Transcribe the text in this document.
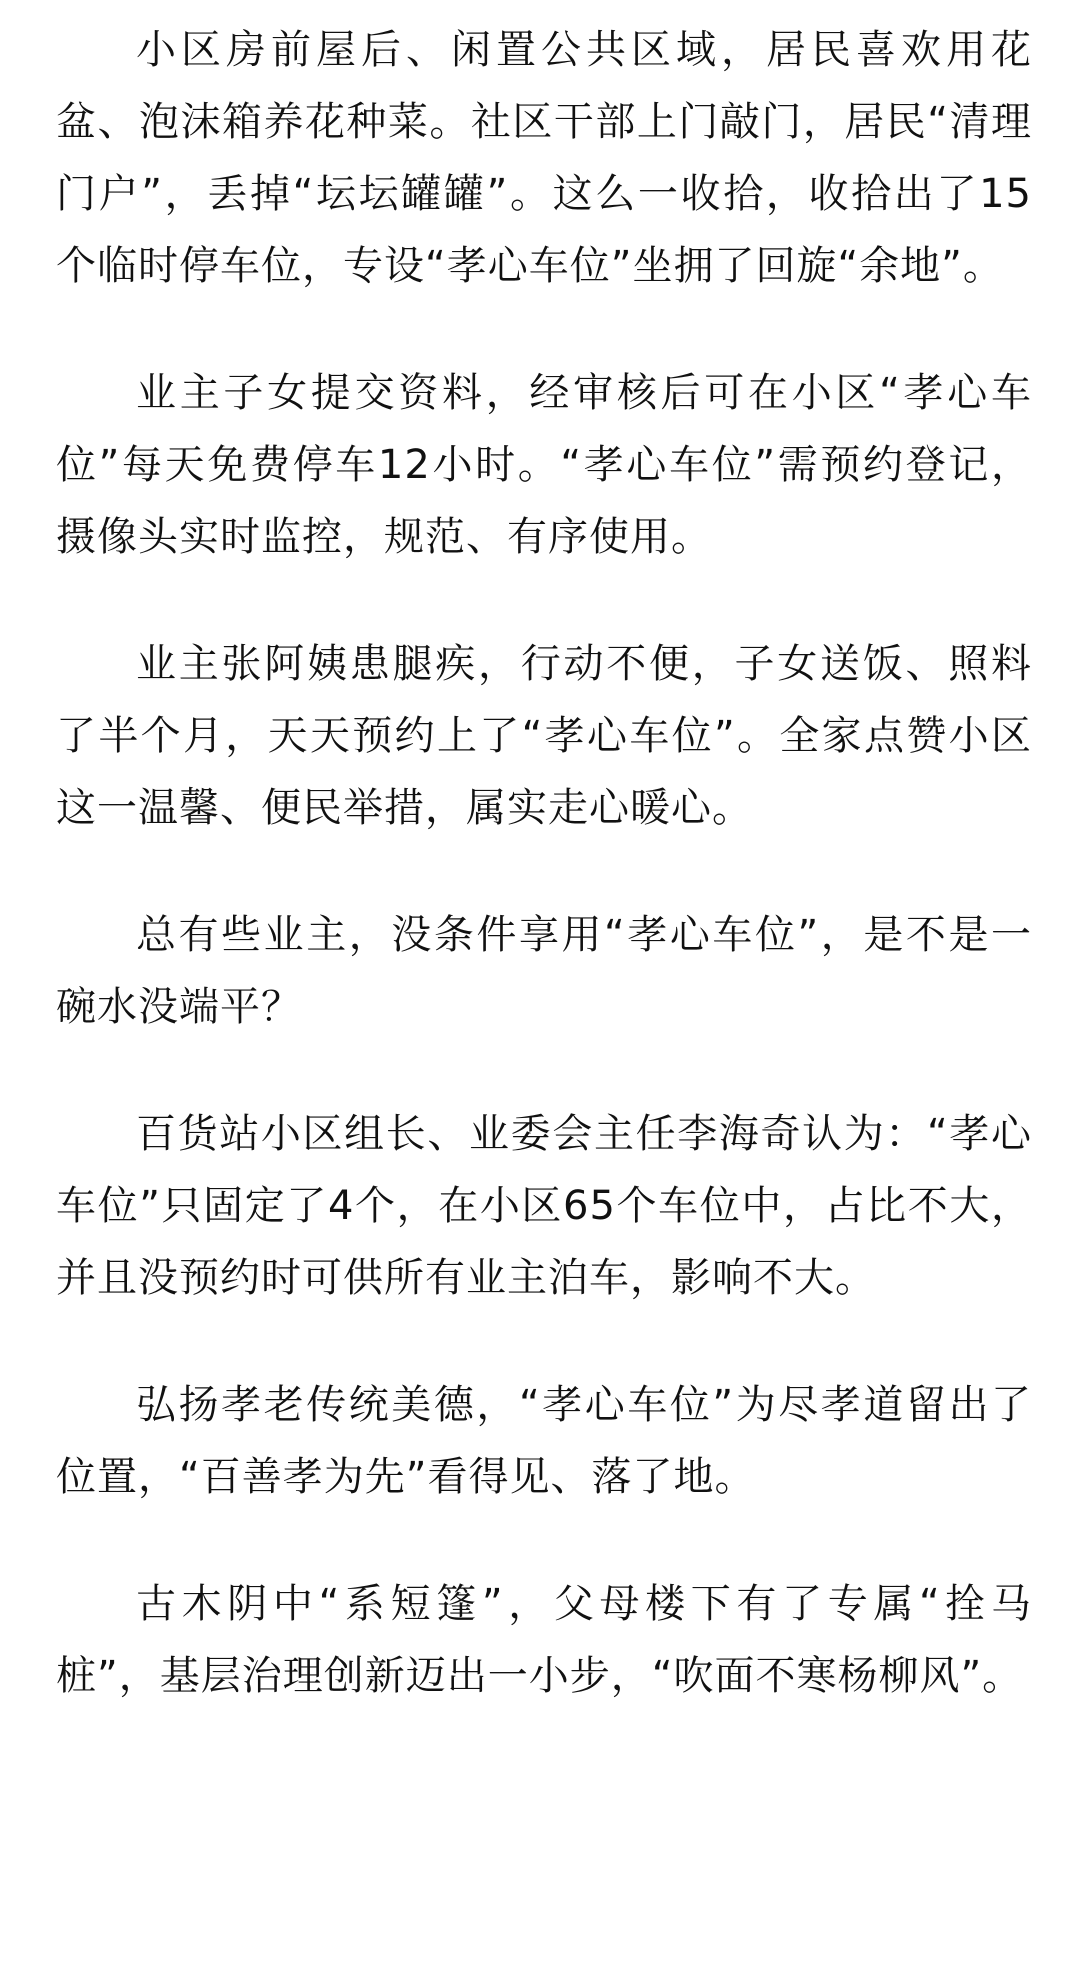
小区房前屋后、闲置公共区域，居民喜欢用花盆、泡沫箱养花种菜。社区干部上门敲门，居民“清理门户”，丢掉“坛坛罐罐”。这么一收拾，收拾出了15个临时停车位，专设“孝心车位”坐拥了回旋“余地”。

业主子女提交资料，经审核后可在小区“孝心车位”每天免费停车12小时。“孝心车位”需预约登记，摄像头实时监控，规范、有序使用。

业主张阿姨患腿疾，行动不便，子女送饭、照料了半个月，天天预约上了“孝心车位”。全家点赞小区这一温馨、便民举措，属实走心暖心。

总有些业主，没条件享用“孝心车位”，是不是一碗水没端平？

百货站小区组长、业委会主任李海奇认为：“孝心车位”只固定了4个，在小区65个车位中，占比不大，并且没预约时可供所有业主泊车，影响不大。

弘扬孝老传统美德，“孝心车位”为尽孝道留出了位置，“百善孝为先”看得见、落了地。

古木阴中“系短篷”，父母楼下有了专属“拴马桩”，基层治理创新迈出一小步，“吹面不寒杨柳风”。
